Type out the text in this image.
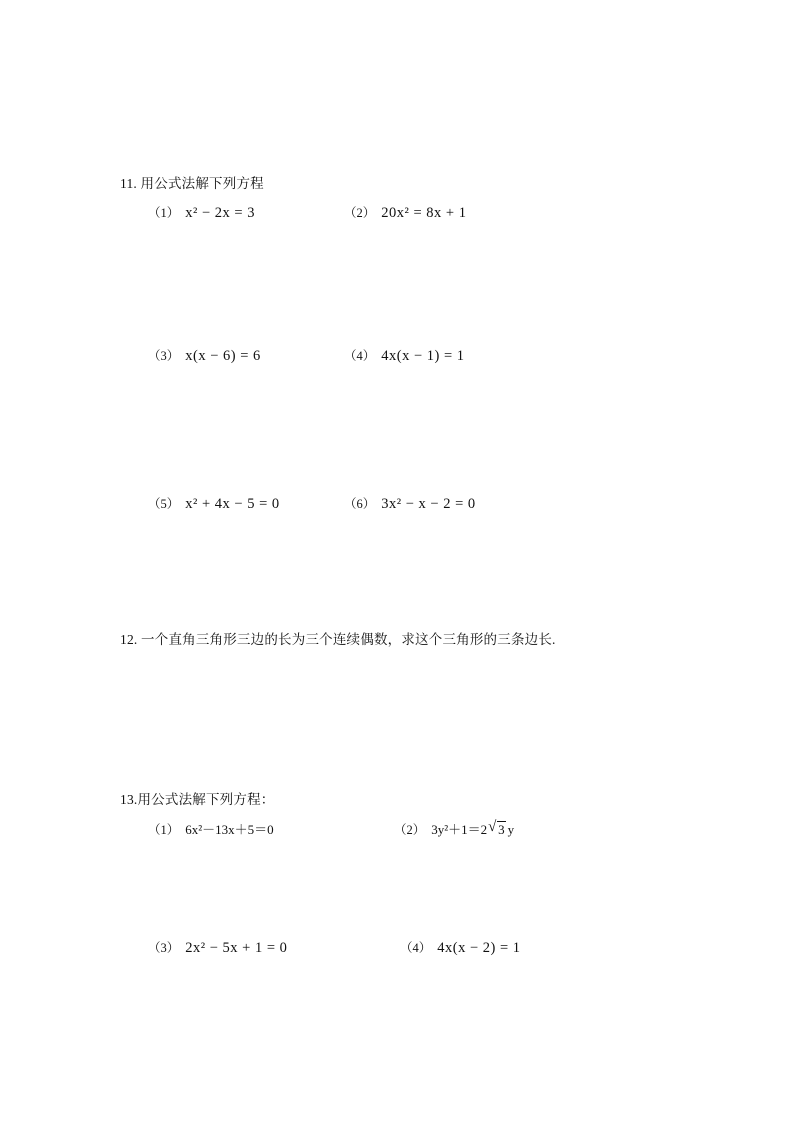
11. 用公式法解下列方程
（1） x² − 2x = 3	（2） 20x² = 8x + 1
（3） x(x − 6) = 6	（4） 4x(x − 1) = 1
（5） x² + 4x − 5 = 0	（6） 3x² − x − 2 = 0
12. 一个直角三角形三边的长为三个连续偶数，求这个三角形的三条边长.
13.用公式法解下列方程：
（1） 6x²－13x＋5＝0	（2） 3y²＋1＝2 √ 3 y
（3） 2x² − 5x + 1 = 0	（4） 4x(x − 2) = 1
